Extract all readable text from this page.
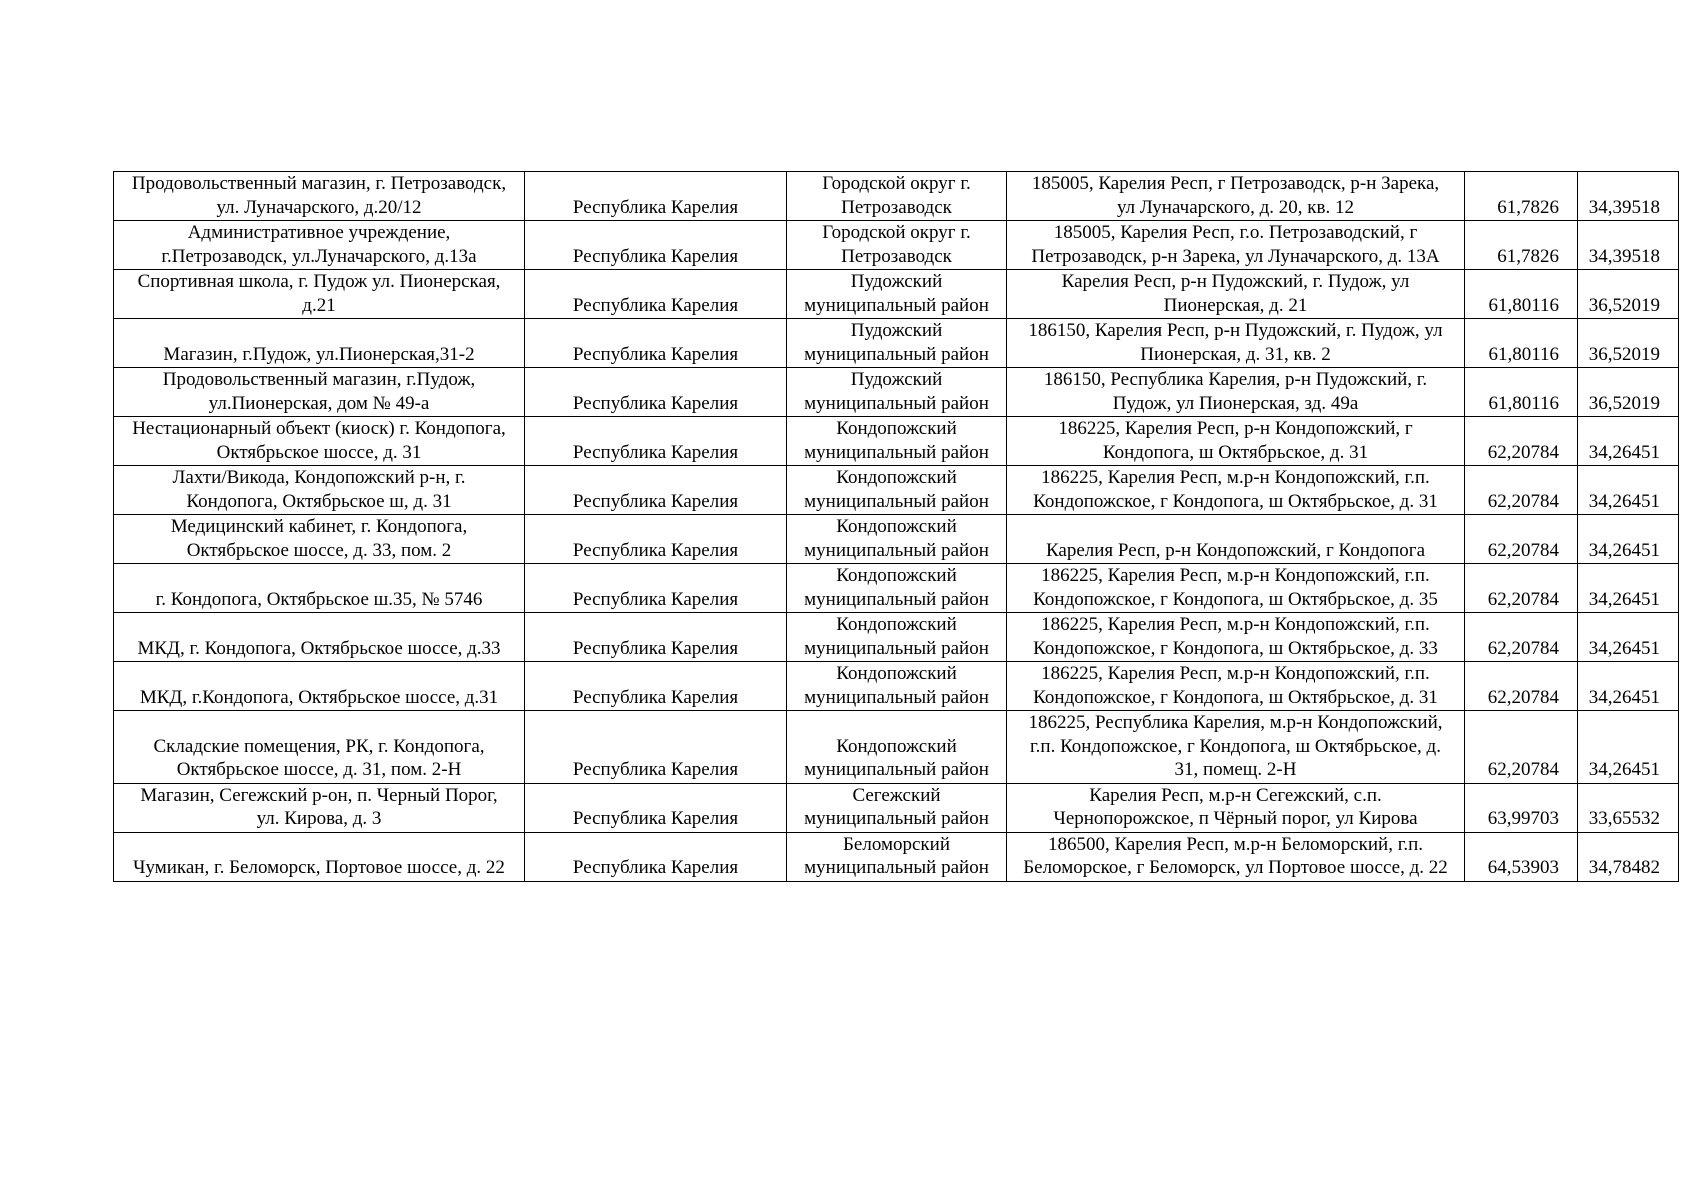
Продовольственный магазин, г. Петрозаводск, ул. Луначарского, д.20/12	Республика Карелия	Городской округ г. Петрозаводск	185005, Карелия Респ, г Петрозаводск, р-н Зарека, ул Луначарского, д. 20, кв. 12	61,7826	34,39518
Административное учреждение, г.Петрозаводск, ул.Луначарского, д.13а	Республика Карелия	Городской округ г. Петрозаводск	185005, Карелия Респ, г.о. Петрозаводский, г Петрозаводск, р-н Зарека, ул Луначарского, д. 13А	61,7826	34,39518
Спортивная школа, г. Пудож ул. Пионерская, д.21	Республика Карелия	Пудожский муниципальный район	Карелия Респ, р-н Пудожский, г. Пудож, ул Пионерская, д. 21	61,80116	36,52019
Магазин, г.Пудож, ул.Пионерская,31-2	Республика Карелия	Пудожский муниципальный район	186150, Карелия Респ, р-н Пудожский, г. Пудож, ул Пионерская, д. 31, кв. 2	61,80116	36,52019
Продовольственный магазин, г.Пудож, ул.Пионерская, дом № 49-а	Республика Карелия	Пудожский муниципальный район	186150, Республика Карелия, р-н Пудожский, г. Пудож, ул Пионерская, зд. 49а	61,80116	36,52019
Нестационарный объект (киоск) г. Кондопога, Октябрьское шоссе, д. 31	Республика Карелия	Кондопожский муниципальный район	186225, Карелия Респ, р-н Кондопожский, г Кондопога, ш Октябрьское, д. 31	62,20784	34,26451
Лахти/Викода, Кондопожский р-н, г. Кондопога, Октябрьское ш, д. 31	Республика Карелия	Кондопожский муниципальный район	186225, Карелия Респ, м.р-н Кондопожский, г.п. Кондопожское, г Кондопога, ш Октябрьское, д. 31	62,20784	34,26451
Медицинский кабинет, г. Кондопога, Октябрьское шоссе, д. 33, пом. 2	Республика Карелия	Кондопожский муниципальный район	Карелия Респ, р-н Кондопожский, г Кондопога	62,20784	34,26451
г. Кондопога, Октябрьское ш.35, № 5746	Республика Карелия	Кондопожский муниципальный район	186225, Карелия Респ, м.р-н Кондопожский, г.п. Кондопожское, г Кондопога, ш Октябрьское, д. 35	62,20784	34,26451
МКД, г. Кондопога, Октябрьское шоссе, д.33	Республика Карелия	Кондопожский муниципальный район	186225, Карелия Респ, м.р-н Кондопожский, г.п. Кондопожское, г Кондопога, ш Октябрьское, д. 33	62,20784	34,26451
МКД, г.Кондопога, Октябрьское шоссе, д.31	Республика Карелия	Кондопожский муниципальный район	186225, Карелия Респ, м.р-н Кондопожский, г.п. Кондопожское, г Кондопога, ш Октябрьское, д. 31	62,20784	34,26451
Складские помещения, РК, г. Кондопога, Октябрьское шоссе, д. 31, пом. 2-Н	Республика Карелия	Кондопожский муниципальный район	186225, Республика Карелия, м.р-н Кондопожский, г.п. Кондопожское, г Кондопога, ш Октябрьское, д. 31, помещ. 2-Н	62,20784	34,26451
Магазин, Сегежский р-он, п. Черный Порог, ул. Кирова, д. 3	Республика Карелия	Сегежский муниципальный район	Карелия Респ, м.р-н Сегежский, с.п. Чернопорожское, п Чёрный порог, ул Кирова	63,99703	33,65532
Чумикан, г. Беломорск, Портовое шоссе, д. 22	Республика Карелия	Беломорский муниципальный район	186500, Карелия Респ, м.р-н Беломорский, г.п. Беломорское, г Беломорск, ул Портовое шоссе, д. 22	64,53903	34,78482
